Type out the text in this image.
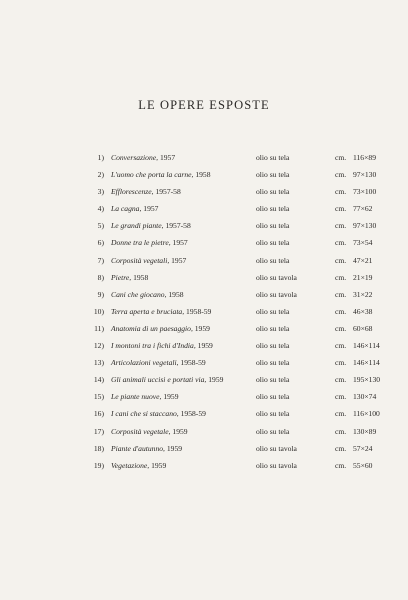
LE OPERE ESPOSTE
1) Conversazione, 1957	olio su tela	cm. 116×89
2) L'uomo che porta la carne, 1958	olio su tela	cm. 97×130
3) Efflorescenze, 1957-58	olio su tela	cm. 73×100
4) La cagna, 1957	olio su tela	cm. 77×62
5) Le grandi piante, 1957-58	olio su tela	cm. 97×130
6) Donne tra le pietre, 1957	olio su tela	cm. 73×54
7) Corposità vegetali, 1957	olio su tela	cm. 47×21
8) Pietre, 1958	olio su tavola	cm. 21×19
9) Cani che giocano, 1958	olio su tavola	cm. 31×22
10) Terra aperta e bruciata, 1958-59	olio su tela	cm. 46×38
11) Anatomia di un paesaggio, 1959	olio su tela	cm. 60×68
12) I montoni tra i fichi d'India, 1959	olio su tela	cm. 146×114
13) Articolazioni vegetali, 1958-59	olio su tela	cm. 146×114
14) Gli animali uccisi e portati via, 1959	olio su tela	cm. 195×130
15) Le piante nuove, 1959	olio su tela	cm. 130×74
16) I cani che si staccano, 1958-59	olio su tela	cm. 116×100
17) Corposità vegetale, 1959	olio su tela	cm. 130×89
18) Piante d'autunno, 1959	olio su tavola	cm. 57×24
19) Vegetazione, 1959	olio su tavola	cm. 55×60
